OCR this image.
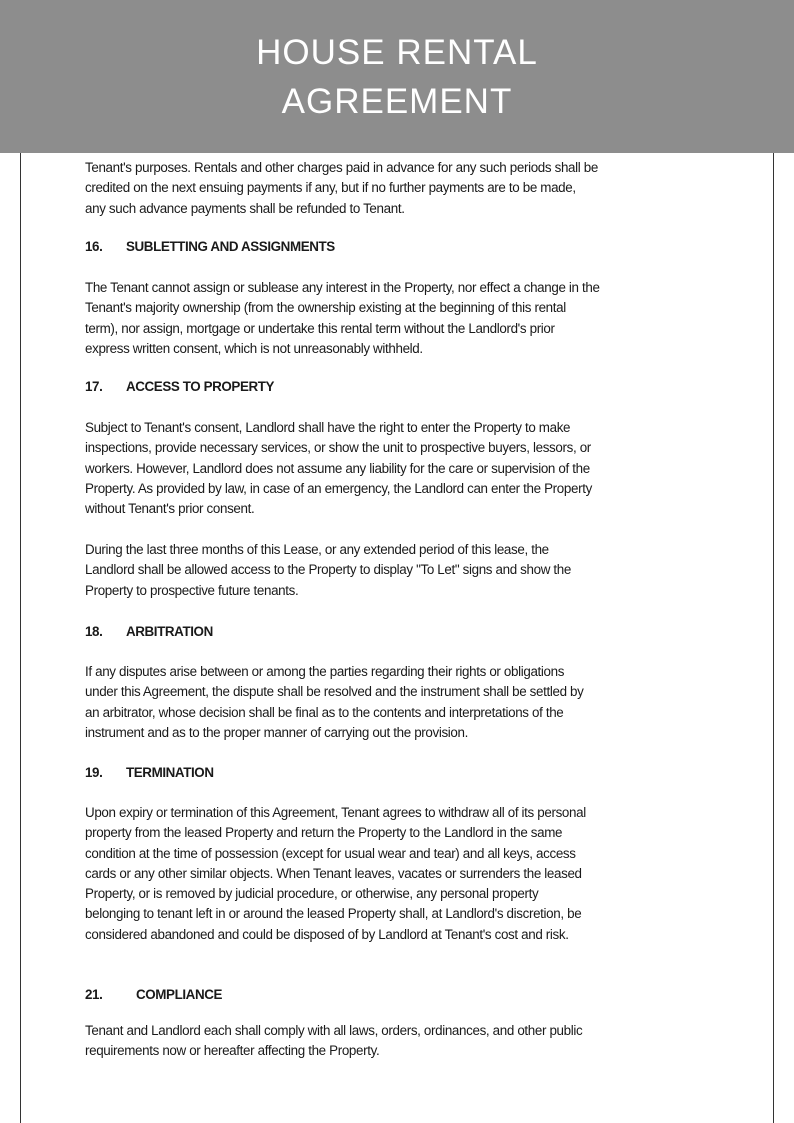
HOUSE RENTAL
AGREEMENT
Tenant's purposes. Rentals and other charges paid in advance for any such periods shall be
credited on the next ensuing payments if any, but if no further payments are to be made,
any such advance payments shall be refunded to Tenant.
16. SUBLETTING AND ASSIGNMENTS
The Tenant cannot assign or sublease any interest in the Property, nor effect a change in the
Tenant's majority ownership (from the ownership existing at the beginning of this rental
term), nor assign, mortgage or undertake this rental term without the Landlord's prior
express written consent, which is not unreasonably withheld.
17. ACCESS TO PROPERTY
Subject to Tenant's consent, Landlord shall have the right to enter the Property to make
inspections, provide necessary services, or show the unit to prospective buyers, lessors, or
workers. However, Landlord does not assume any liability for the care or supervision of the
Property. As provided by law, in case of an emergency, the Landlord can enter the Property
without Tenant's prior consent.
During the last three months of this Lease, or any extended period of this lease, the
Landlord shall be allowed access to the Property to display "To Let" signs and show the
Property to prospective future tenants.
18. ARBITRATION
If any disputes arise between or among the parties regarding their rights or obligations
under this Agreement, the dispute shall be resolved and the instrument shall be settled by
an arbitrator, whose decision shall be final as to the contents and interpretations of the
instrument and as to the proper manner of carrying out the provision.
19. TERMINATION
Upon expiry or termination of this Agreement, Tenant agrees to withdraw all of its personal
property from the leased Property and return the Property to the Landlord in the same
condition at the time of possession (except for usual wear and tear) and all keys, access
cards or any other similar objects. When Tenant leaves, vacates or surrenders the leased
Property, or is removed by judicial procedure, or otherwise, any personal property
belonging to tenant left in or around the leased Property shall, at Landlord's discretion, be
considered abandoned and could be disposed of by Landlord at Tenant's cost and risk.
21.	COMPLIANCE
Tenant and Landlord each shall comply with all laws, orders, ordinances, and other public
requirements now or hereafter affecting the Property.
